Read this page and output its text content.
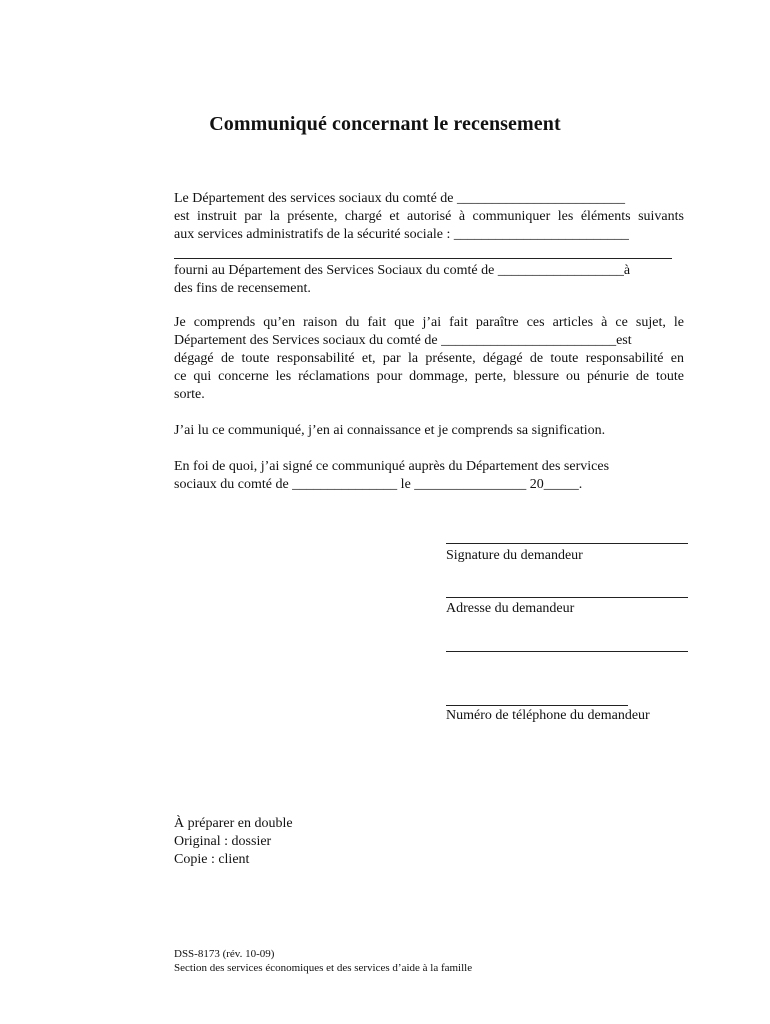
Communiqué concernant le recensement
Le Département des services sociaux du comté de ________________________
est instruit par la présente, chargé et autorisé à communiquer les éléments suivants
aux services administratifs de la sécurité sociale : _________________________
fourni au Département des Services Sociaux du comté de __________________à
des fins de recensement.
Je comprends qu’en raison du fait que j’ai fait paraître ces articles à ce sujet, le
Département des Services sociaux du comté de _________________________est
dégagé de toute responsabilité et, par la présente, dégagé de toute responsabilité en
ce qui concerne les réclamations pour dommage, perte, blessure ou pénurie de toute
sorte.
J’ai lu ce communiqué, j’en ai connaissance et je comprends sa signification.
En foi de quoi, j’ai signé ce communiqué auprès du Département des services
sociaux du comté de _______________ le ________________ 20_____.
Signature du demandeur
Adresse du demandeur
Numéro de téléphone du demandeur
À préparer en double
Original : dossier
Copie : client
DSS-8173 (rév. 10-09)
Section des services économiques et des services d’aide à la famille
